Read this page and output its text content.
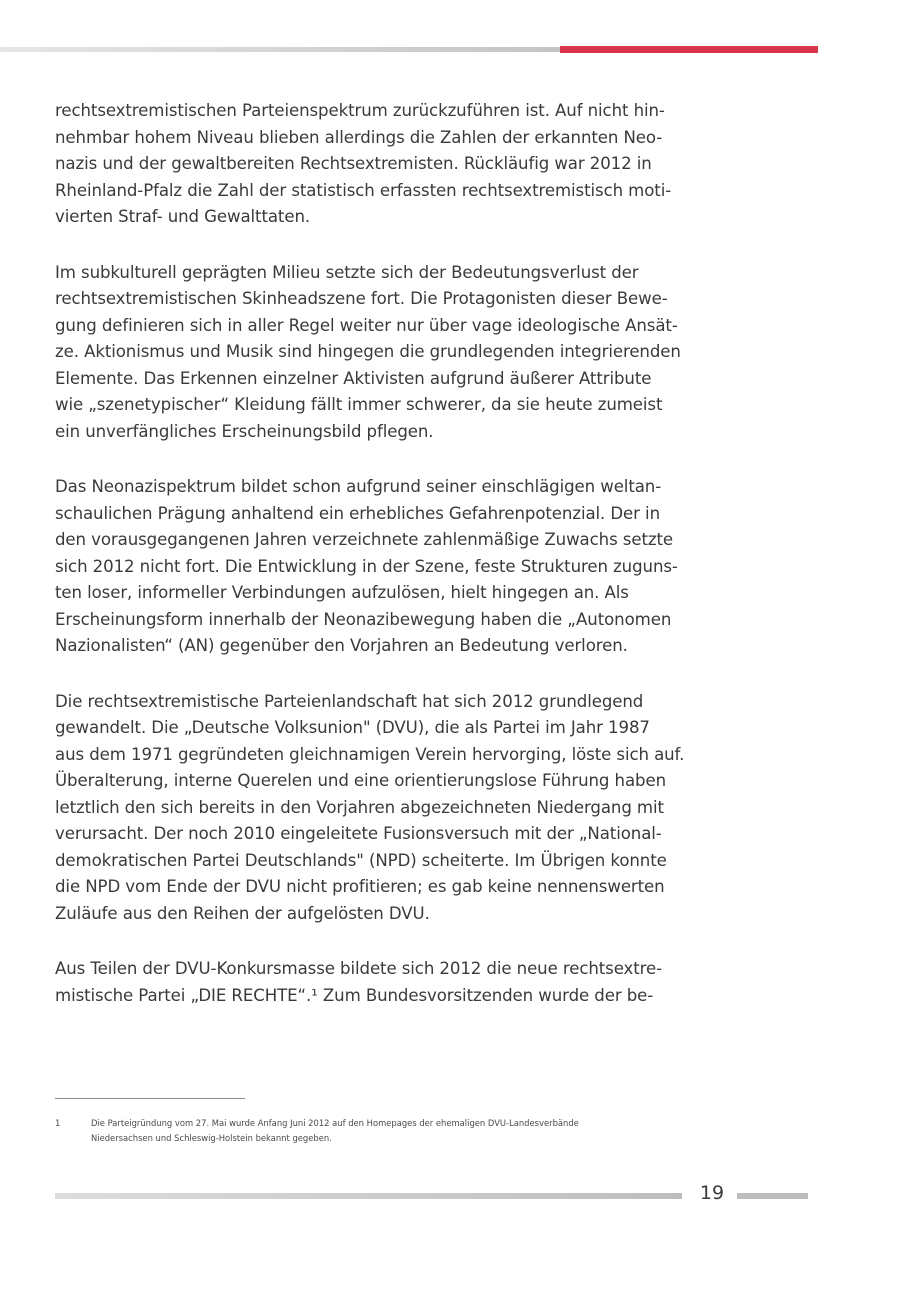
rechtsextremistischen Parteienspektrum zurückzuführen ist. Auf nicht hin-
nehmbar hohem Niveau blieben allerdings die Zahlen der erkannten Neo-
nazis und der gewaltbereiten Rechtsextremisten. Rückläufig war 2012 in
Rheinland-Pfalz die Zahl der statistisch erfassten rechtsextremistisch moti-
vierten Straf- und Gewalttaten.

Im subkulturell geprägten Milieu setzte sich der Bedeutungsverlust der
rechtsextremistischen Skinheadszene fort. Die Protagonisten dieser Bewe-
gung definieren sich in aller Regel weiter nur über vage ideologische Ansät-
ze. Aktionismus und Musik sind hingegen die grundlegenden integrierenden
Elemente. Das Erkennen einzelner Aktivisten aufgrund äußerer Attribute
wie „szenetypischer“ Kleidung fällt immer schwerer, da sie heute zumeist
ein unverfängliches Erscheinungsbild pflegen.

Das Neonazispektrum bildet schon aufgrund seiner einschlägigen weltan-
schaulichen Prägung anhaltend ein erhebliches Gefahrenpotenzial. Der in
den vorausgegangenen Jahren verzeichnete zahlenmäßige Zuwachs setzte
sich 2012 nicht fort. Die Entwicklung in der Szene, feste Strukturen zuguns-
ten loser, informeller Verbindungen aufzulösen, hielt hingegen an. Als
Erscheinungsform innerhalb der Neonazibewegung haben die „Autonomen
Nazionalisten“ (AN) gegenüber den Vorjahren an Bedeutung verloren.

Die rechtsextremistische Parteienlandschaft hat sich 2012 grundlegend
gewandelt. Die „Deutsche Volksunion" (DVU), die als Partei im Jahr 1987
aus dem 1971 gegründeten gleichnamigen Verein hervorging, löste sich auf.
Überalterung, interne Querelen und eine orientierungslose Führung haben
letztlich den sich bereits in den Vorjahren abgezeichneten Niedergang mit
verursacht. Der noch 2010 eingeleitete Fusionsversuch mit der „National-
demokratischen Partei Deutschlands" (NPD) scheiterte. Im Übrigen konnte
die NPD vom Ende der DVU nicht profitieren; es gab keine nennenswerten
Zuläufe aus den Reihen der aufgelösten DVU.

Aus Teilen der DVU-Konkursmasse bildete sich 2012 die neue rechtsextre-
mistische Partei „DIE RECHTE“.¹ Zum Bundesvorsitzenden wurde der be-

1	Die Parteigründung vom 27. Mai wurde Anfang Juni 2012 auf den Homepages der ehemaligen DVU-Landesverbände
Niedersachsen und Schleswig-Holstein bekannt gegeben.
19
